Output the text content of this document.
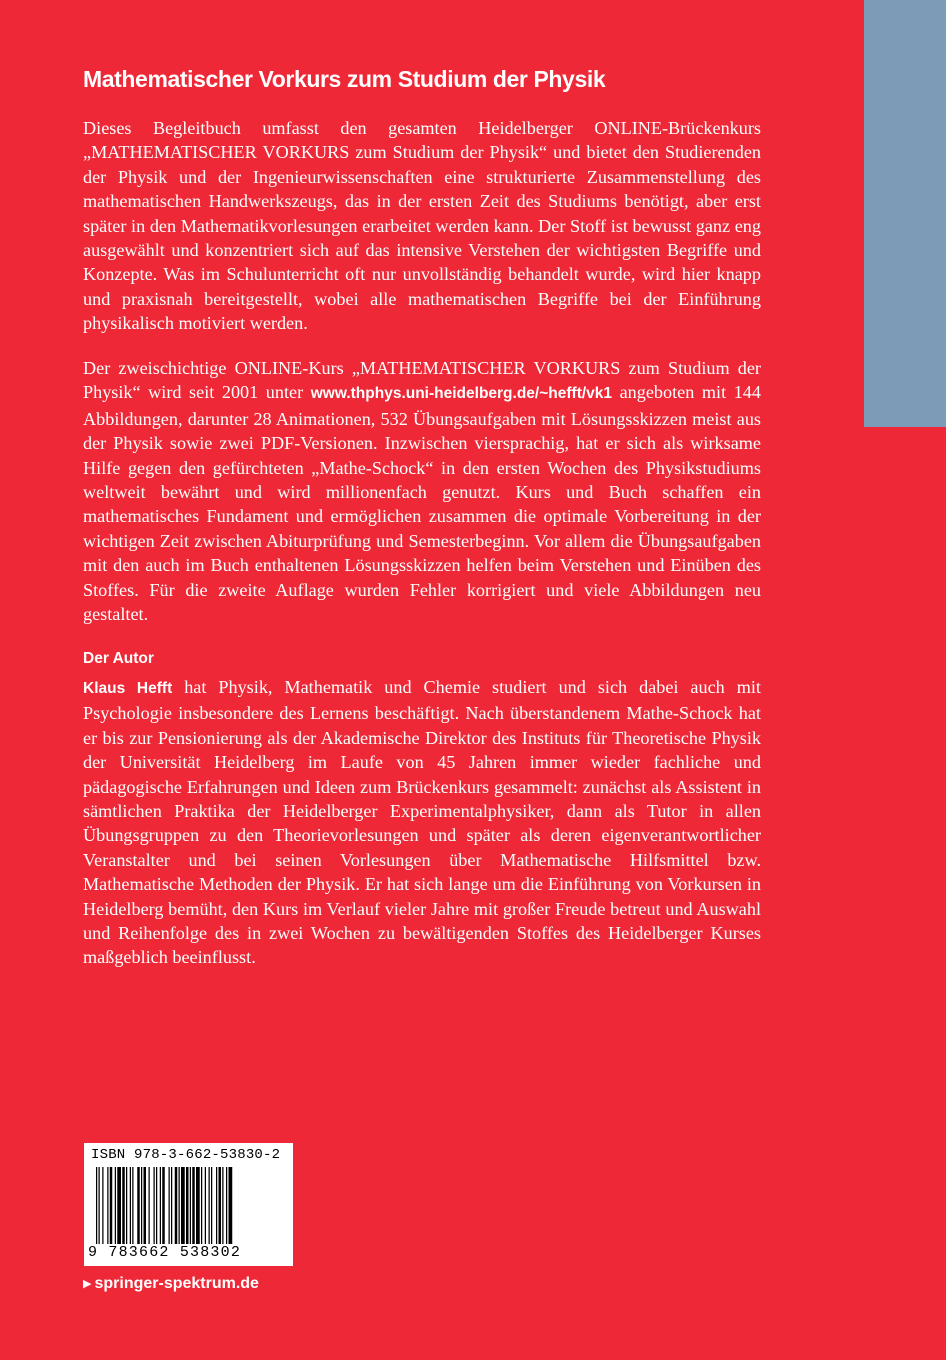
Mathematischer Vorkurs zum Studium der Physik

Dieses Begleitbuch umfasst den gesamten Heidelberger ONLINE-Brückenkurs „MATHEMATISCHER VORKURS zum Studium der Physik“ und bietet den Studierenden der Physik und der Ingenieurwissenschaften eine strukturierte Zusammenstellung des mathematischen Handwerkszeugs, das in der ersten Zeit des Studiums benötigt, aber erst später in den Mathematikvorlesungen erarbeitet werden kann. Der Stoff ist bewusst ganz eng ausgewählt und konzentriert sich auf das intensive Verstehen der wichtigsten Begriffe und Konzepte. Was im Schulunterricht oft nur unvollständig behandelt wurde, wird hier knapp und praxisnah bereitgestellt, wobei alle mathematischen Begriffe bei der Einführung physikalisch motiviert werden.

Der zweischichtige ONLINE-Kurs „MATHEMATISCHER VORKURS zum Studium der Physik“ wird seit 2001 unter www.thphys.uni-heidelberg.de/~hefft/vk1 angeboten mit 144 Abbildungen, darunter 28 Animationen, 532 Übungsaufgaben mit Lösungsskizzen meist aus der Physik sowie zwei PDF-Versionen. Inzwischen viersprachig, hat er sich als wirksame Hilfe gegen den gefürchteten „Mathe-Schock“ in den ersten Wochen des Physikstudiums weltweit bewährt und wird millionenfach genutzt. Kurs und Buch schaffen ein mathematisches Fundament und ermöglichen zusammen die optimale Vorbereitung in der wichtigen Zeit zwischen Abiturprüfung und Semesterbeginn. Vor allem die Übungsaufgaben mit den auch im Buch enthaltenen Lösungsskizzen helfen beim Verstehen und Einüben des Stoffes. Für die zweite Auflage wurden Fehler korrigiert und viele Abbildungen neu gestaltet.

Der Autor

Klaus Hefft hat Physik, Mathematik und Chemie studiert und sich dabei auch mit Psychologie insbesondere des Lernens beschäftigt. Nach überstandenem Mathe-Schock hat er bis zur Pensionierung als der Akademische Direktor des Instituts für Theoretische Physik der Universität Heidelberg im Laufe von 45 Jahren immer wieder fachliche und pädagogische Erfahrungen und Ideen zum Brückenkurs gesammelt: zunächst als Assistent in sämtlichen Praktika der Heidelberger Experimentalphysiker, dann als Tutor in allen Übungsgruppen zu den Theorievorlesungen und später als deren eigenverantwortlicher Veranstalter und bei seinen Vorlesungen über Mathematische Hilfsmittel bzw. Mathematische Methoden der Physik. Er hat sich lange um die Einführung von Vorkursen in Heidelberg bemüht, den Kurs im Verlauf vieler Jahre mit großer Freude betreut und Auswahl und Reihenfolge des in zwei Wochen zu bewältigenden Stoffes des Heidelberger Kurses maßgeblich beeinflusst.

ISBN 978-3-662-53830-2
9 783662 538302
▶ springer-spektrum.de
